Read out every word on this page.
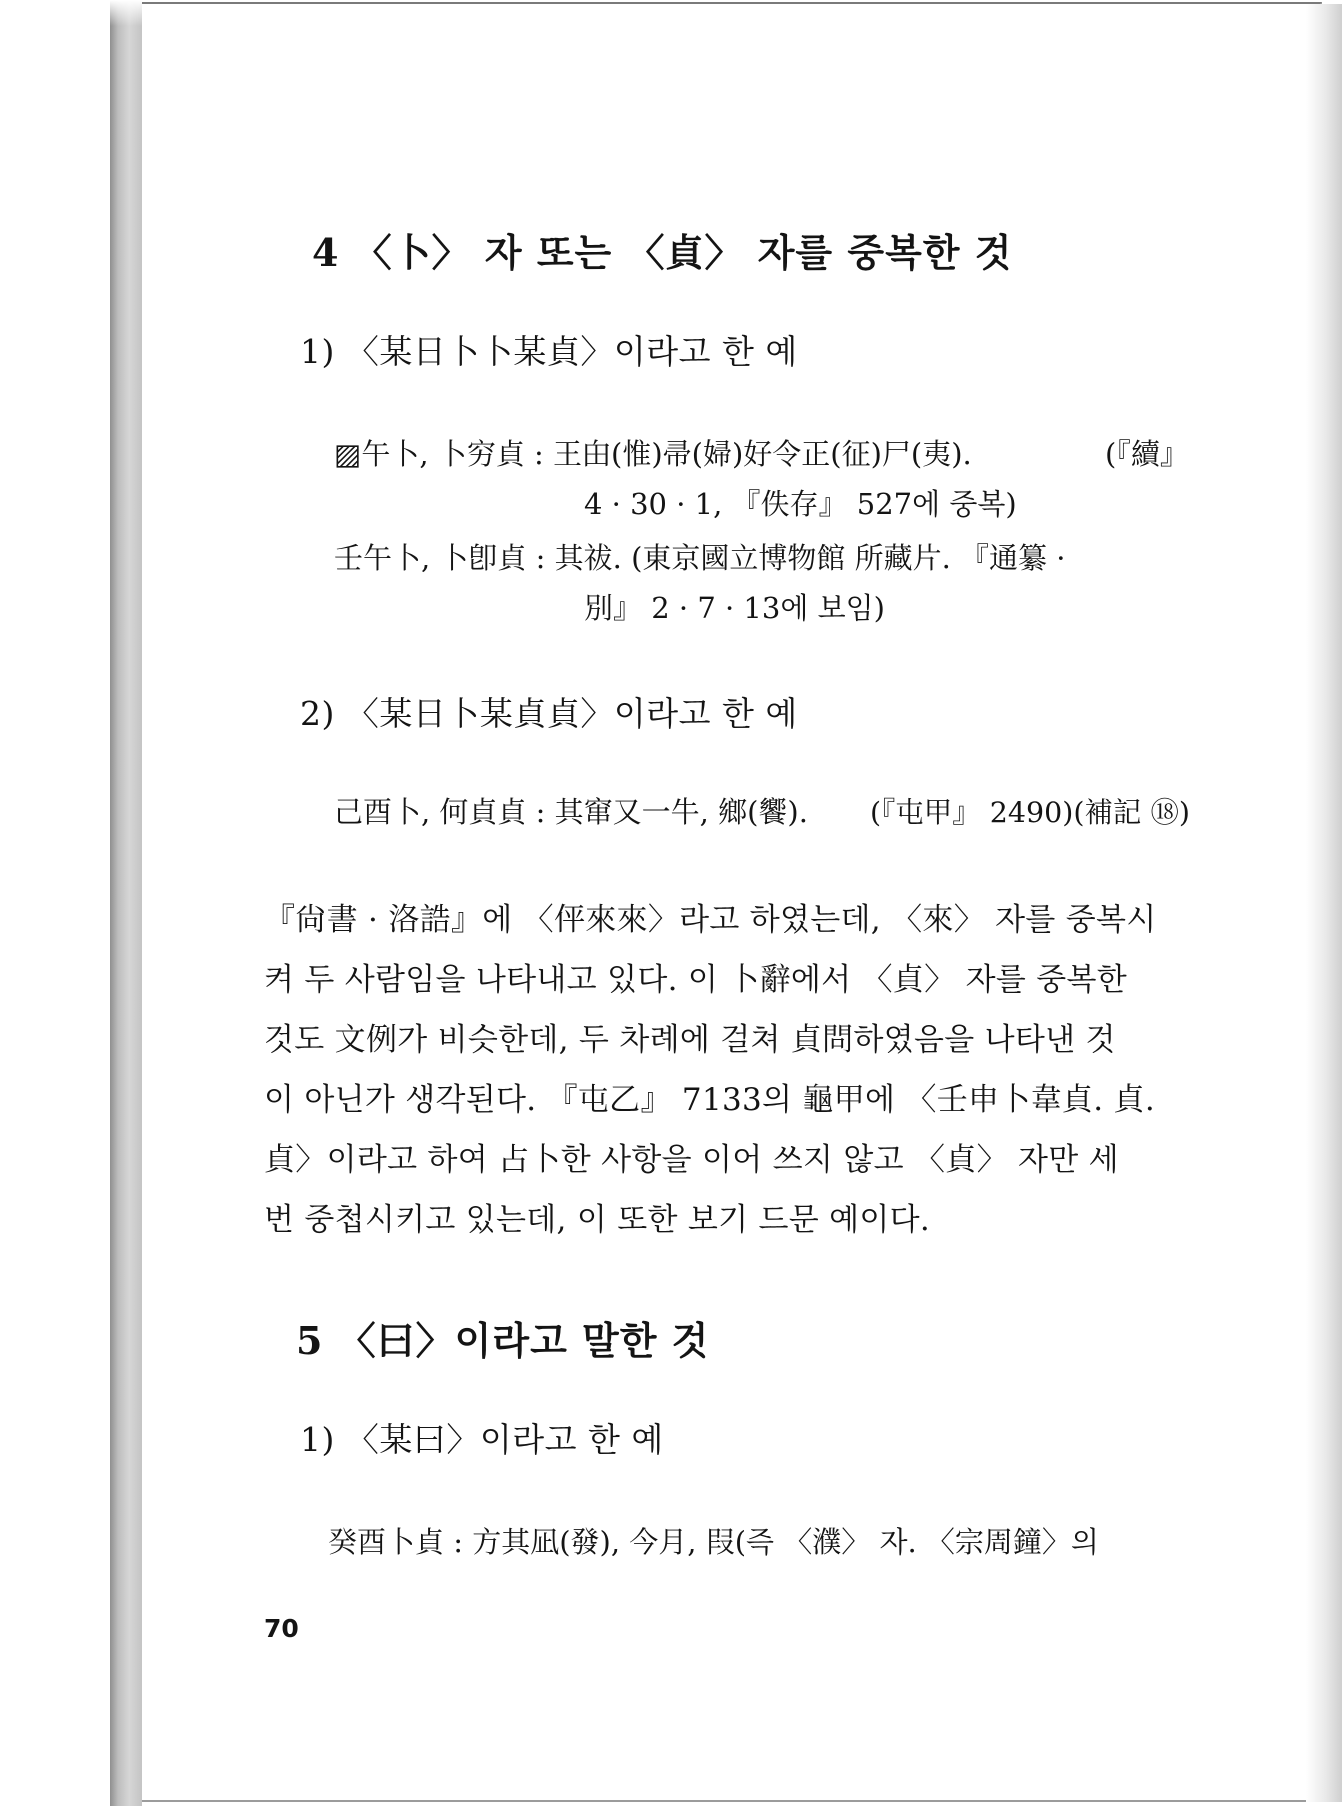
4 〈卜〉 자 또는 〈貞〉 자를 중복한 것
1) 〈某日卜卜某貞〉이라고 한 예
▨午卜, 卜穷貞 : 王甶(惟)帚(婦)好令正(征)尸(夷).	(『續』
4 · 30 · 1, 『佚存』 527에 중복)
壬午卜, 卜卽貞 : 其祓. (東京國立博物館 所藏片. 『通纂 ·
別』 2 · 7 · 13에 보임)
2) 〈某日卜某貞貞〉이라고 한 예
己酉卜, 何貞貞 : 其窜又一牛, 鄉(饗). (『屯甲』 2490)(補記 ⑱)

『尙書 · 洛誥』에 〈伻來來〉라고 하였는데, 〈來〉 자를 중복시

켜 두 사람임을 나타내고 있다. 이 卜辭에서 〈貞〉 자를 중복한

것도 文例가 비슷한데, 두 차례에 걸쳐 貞問하였음을 나타낸 것

이 아닌가 생각된다. 『屯乙』 7133의 龜甲에 〈壬申卜韋貞. 貞.

貞〉이라고 하여 占卜한 사항을 이어 쓰지 않고 〈貞〉 자만 세

번 중첩시키고 있는데, 이 또한 보기 드문 예이다.

5 〈曰〉이라고 말한 것
1) 〈某曰〉이라고 한 예
癸酉卜貞 : 方其凪(發), 今月, 叚(즉 〈濮〉 자. 〈宗周鐘〉의
70
